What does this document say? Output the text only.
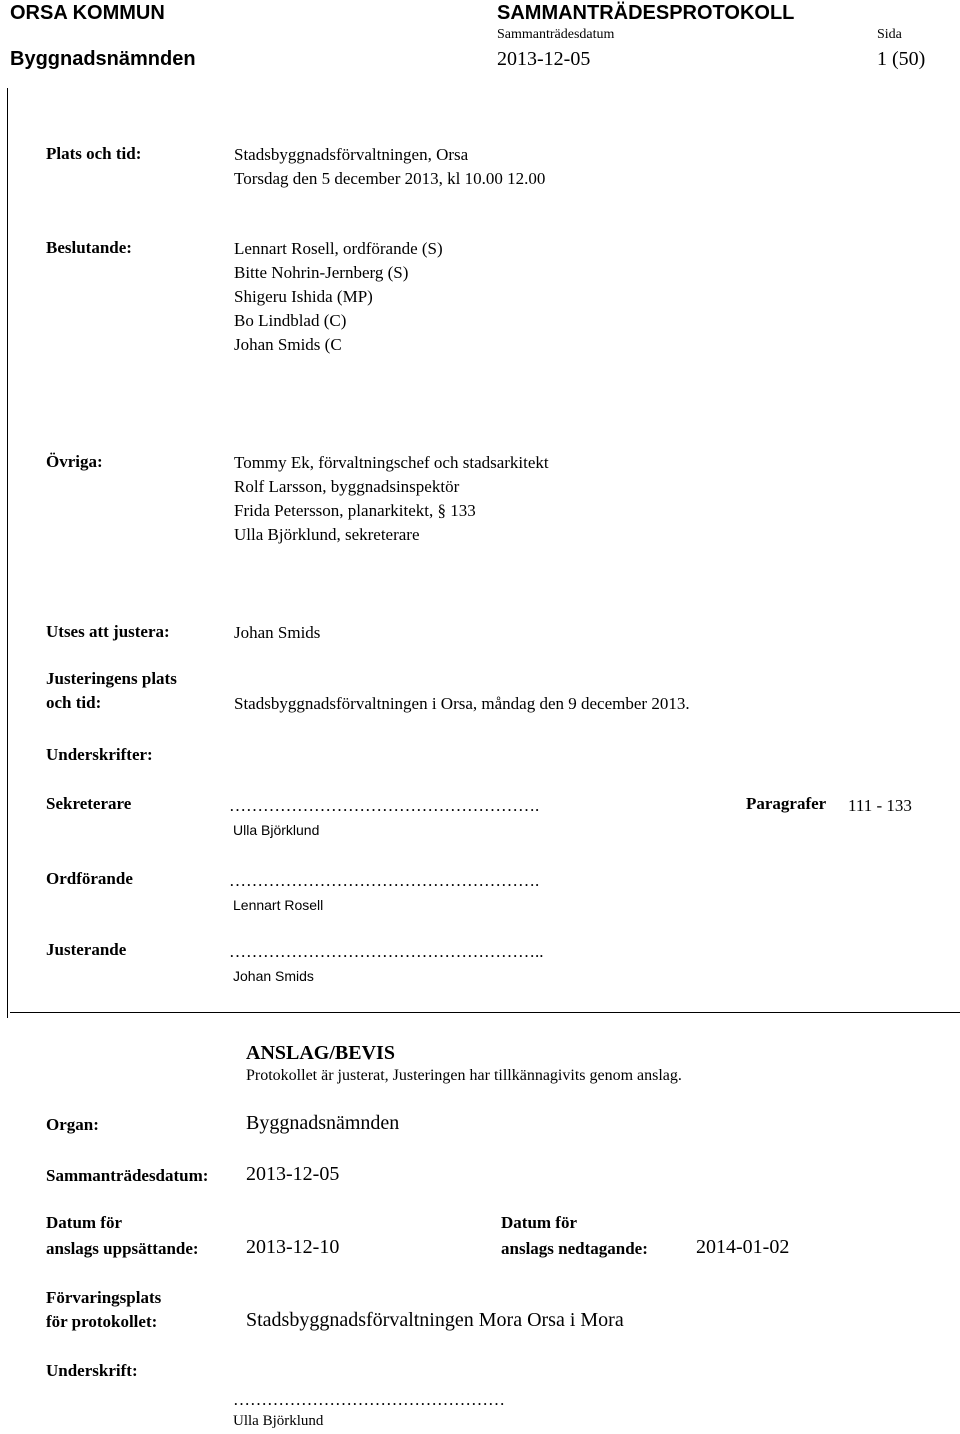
ORSA KOMMUN
Byggnadsnämnden
SAMMANTRÄDESPROTOKOLL
Sammanträdesdatum
2013-12-05
Sida
1 (50)
Plats och tid:	Stadsbyggnadsförvaltningen, Orsa
Torsdag den 5 december 2013, kl 10.00 12.00
Beslutande:	Lennart Rosell, ordförande (S)
Bitte Nohrin-Jernberg (S)
Shigeru Ishida (MP)
Bo Lindblad (C)
Johan Smids (C
Övriga:	Tommy Ek, förvaltningschef och stadsarkitekt
Rolf Larsson, byggnadsinspektör
Frida Petersson, planarkitekt, § 133
Ulla Björklund, sekreterare
Utses att justera:	Johan Smids
Justeringens plats
och tid:	Stadsbyggnadsförvaltningen i Orsa, måndag den 9 december 2013.
Underskrifter:
Sekreterare	……………………………………………….	Paragrafer 111 - 133
Ulla Björklund
Ordförande	……………………………………………….
Lennart Rosell
Justerande	………………………………………………..
Johan Smids
ANSLAG/BEVIS
Protokollet är justerat, Justeringen har tillkännagivits genom anslag.
Organ:	Byggnadsnämnden
Sammanträdesdatum: 2013-12-05
Datum för
anslags uppsättande: 2013-12-10
Datum för
anslags nedtagande: 2014-01-02
Förvaringsplats
för protokollet:	Stadsbyggnadsförvaltningen Mora Orsa i Mora
Underskrift:
…………………………………………
Ulla Björklund
